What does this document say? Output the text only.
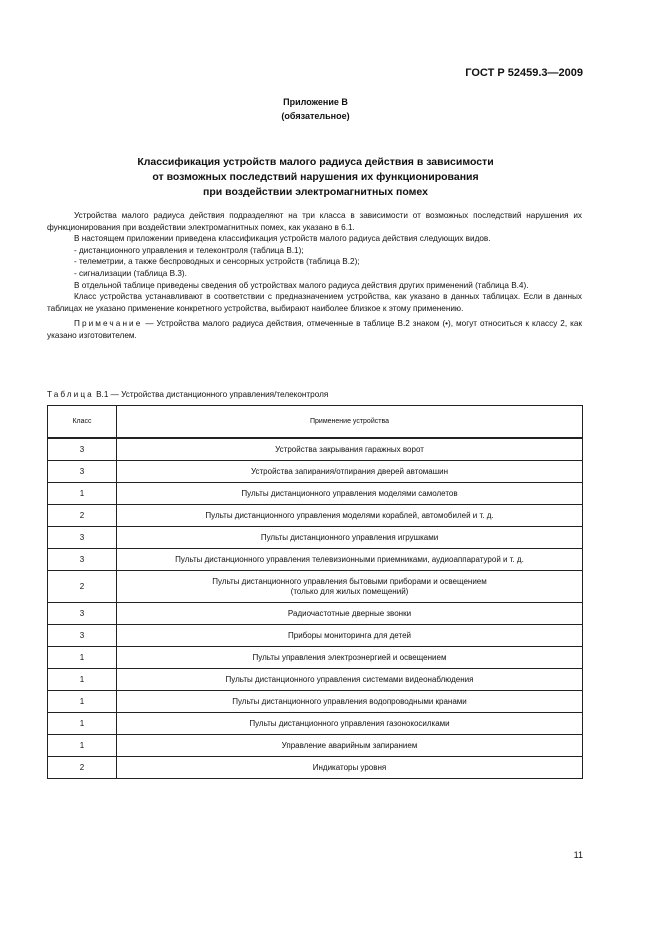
ГОСТ Р 52459.3—2009
Приложение В
(обязательное)
Классификация устройств малого радиуса действия в зависимости
от возможных последствий нарушения их функционирования
при воздействии электромагнитных помех

Устройства малого радиуса действия подразделяют на три класса в зависимости от возможных последствий нарушения их функционирования при воздействии электромагнитных помех, как указано в 6.1.

В настоящем приложении приведена классификация устройств малого радиуса действия следующих видов.

- дистанционного управления и телеконтроля (таблица В.1);

- телеметрии, а также беспроводных и сенсорных устройств (таблица В.2);

- сигнализации (таблица В.3).

В отдельной таблице приведены сведения об устройствах малого радиуса действия других применений (таблица В.4).

Класс устройства устанавливают в соответствии с предназначением устройства, как указано в данных таблицах. Если в данных таблицах не указано применение конкретного устройства, выбирают наиболее близкое к этому применению.

Примечание — Устройства малого радиуса действия, отмеченные в таблице В.2 знаком (•), могут относиться к классу 2, как указано изготовителем.

Таблица В.1 — Устройства дистанционного управления/телеконтроля
Класс	Применение устройства
3	Устройства закрывания гаражных ворот
3	Устройства запирания/отпирания дверей автомашин
1	Пульты дистанционного управления моделями самолетов
2	Пульты дистанционного управления моделями кораблей, автомобилей и т. д.
3	Пульты дистанционного управления игрушками
3	Пульты дистанционного управления телевизионными приемниками, аудиоаппаратурой и т. д.
2	Пульты дистанционного управления бытовыми приборами и освещением
(только для жилых помещений)

3	Радиочастотные дверные звонки
3	Приборы мониторинга для детей
1	Пульты управления электроэнергией и освещением
1	Пульты дистанционного управления системами видеонаблюдения
1	Пульты дистанционного управления водопроводными кранами
1	Пульты дистанционного управления газонокосилками
1	Управление аварийным запиранием
2	Индикаторы уровня
11
